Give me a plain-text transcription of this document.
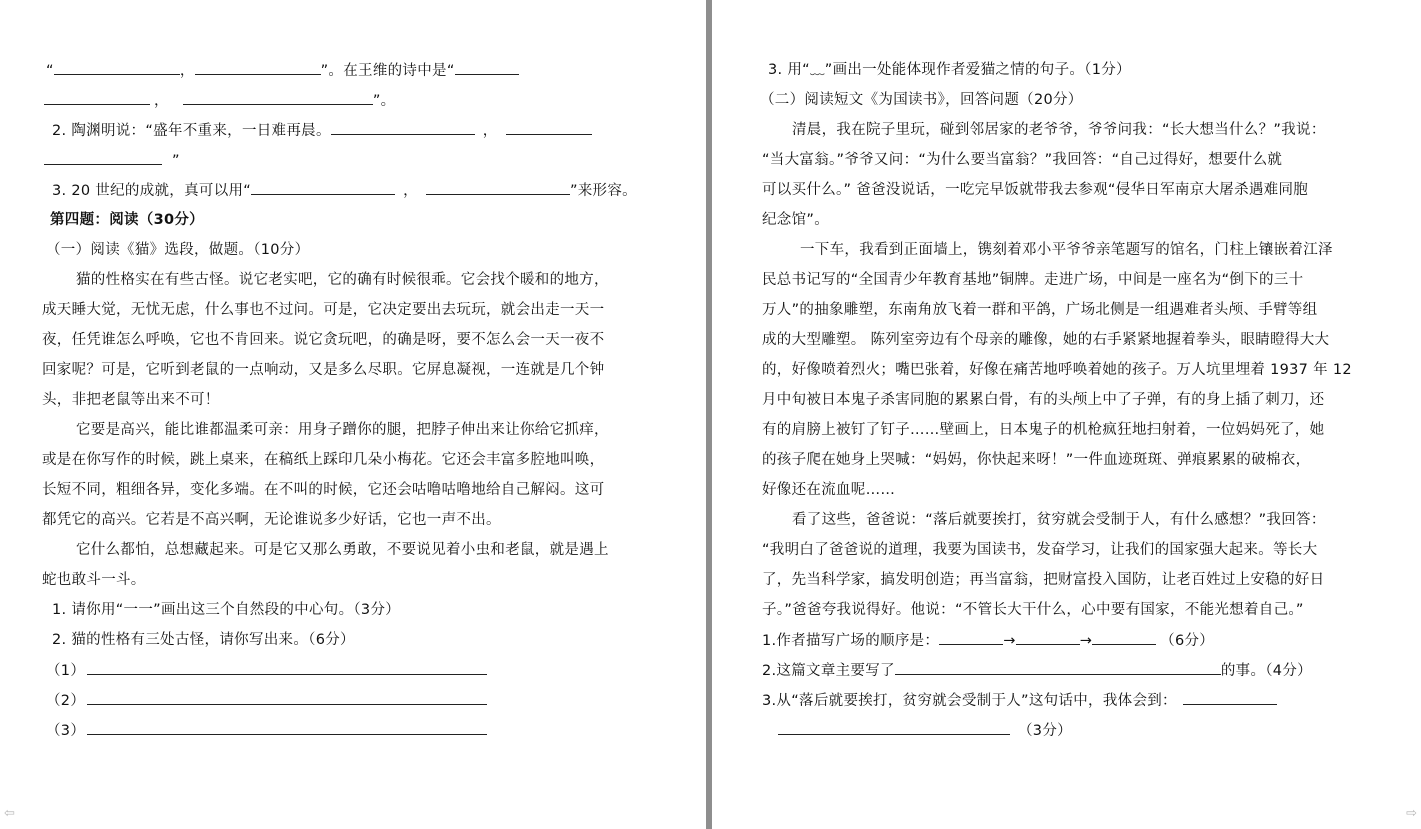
“	，	”。在王维的诗中是“
，	”。
2. 陶渊明说：“盛年不重来，一日难再晨。	，
”
3. 20 世纪的成就，真可以用“	，	”来形容。
第四题：阅读（30分）
（一）阅读《猫》选段，做题。（10分）
猫的性格实在有些古怪。说它老实吧，它的确有时候很乖。它会找个暖和的地方，
成天睡大觉，无忧无虑，什么事也不过问。可是，它决定要出去玩玩，就会出走一天一
夜，任凭谁怎么呼唤，它也不肯回来。说它贪玩吧，的确是呀，要不怎么会一天一夜不
回家呢？可是，它听到老鼠的一点响动，又是多么尽职。它屏息凝视，一连就是几个钟
头，非把老鼠等出来不可！
它要是高兴，能比谁都温柔可亲：用身子蹭你的腿，把脖子伸出来让你给它抓痒，
或是在你写作的时候，跳上桌来，在稿纸上踩印几朵小梅花。它还会丰富多腔地叫唤，
长短不同，粗细各异，变化多端。在不叫的时候，它还会咕噜咕噜地给自己解闷。这可
都凭它的高兴。它若是不高兴啊，无论谁说多少好话，它也一声不出。
它什么都怕，总想藏起来。可是它又那么勇敢，不要说见着小虫和老鼠，就是遇上
蛇也敢斗一斗。
1. 请你用“一一”画出这三个自然段的中心句。（3分）
2. 猫的性格有三处古怪，请你写出来。（6分）
（1）
（2）
（3）
3. 用“﹏”画出一处能体现作者爱猫之情的句子。（1分）
（二）阅读短文《为国读书》，回答问题（20分）
清晨，我在院子里玩，碰到邻居家的老爷爷，爷爷问我：“长大想当什么？”我说：
“当大富翁。”爷爷又问：“为什么要当富翁？”我回答：“自己过得好，想要什么就
可以买什么。” 爸爸没说话，一吃完早饭就带我去参观“侵华日军南京大屠杀遇难同胞
纪念馆”。
一下车，我看到正面墙上，镌刻着邓小平爷爷亲笔题写的馆名，门柱上镶嵌着江泽
民总书记写的“全国青少年教育基地”铜牌。走进广场，中间是一座名为“倒下的三十
万人”的抽象雕塑，东南角放飞着一群和平鸽，广场北侧是一组遇难者头颅、手臂等组
成的大型雕塑。 陈列室旁边有个母亲的雕像，她的右手紧紧地握着拳头，眼睛瞪得大大
的，好像喷着烈火；嘴巴张着，好像在痛苦地呼唤着她的孩子。万人坑里埋着 1937 年 12
月中旬被日本鬼子杀害同胞的累累白骨，有的头颅上中了子弹，有的身上插了刺刀，还
有的肩膀上被钉了钉子……壁画上，日本鬼子的机枪疯狂地扫射着，一位妈妈死了，她
的孩子爬在她身上哭喊：“妈妈，你快起来呀！”一件血迹斑斑、弹痕累累的破棉衣，
好像还在流血呢……
看了这些，爸爸说：“落后就要挨打，贫穷就会受制于人，有什么感想？”我回答：
“我明白了爸爸说的道理，我要为国读书，发奋学习，让我们的国家强大起来。等长大
了，先当科学家，搞发明创造；再当富翁，把财富投入国防，让老百姓过上安稳的好日
子。”爸爸夸我说得好。他说：“不管长大干什么，心中要有国家，不能光想着自己。”
1.作者描写广场的顺序是：	→	→	（6分）
2.这篇文章主要写了	的事。（4分）
3.从“落后就要挨打，贫穷就会受制于人”这句话中，我体会到：
（3分）
⇦	⇨
